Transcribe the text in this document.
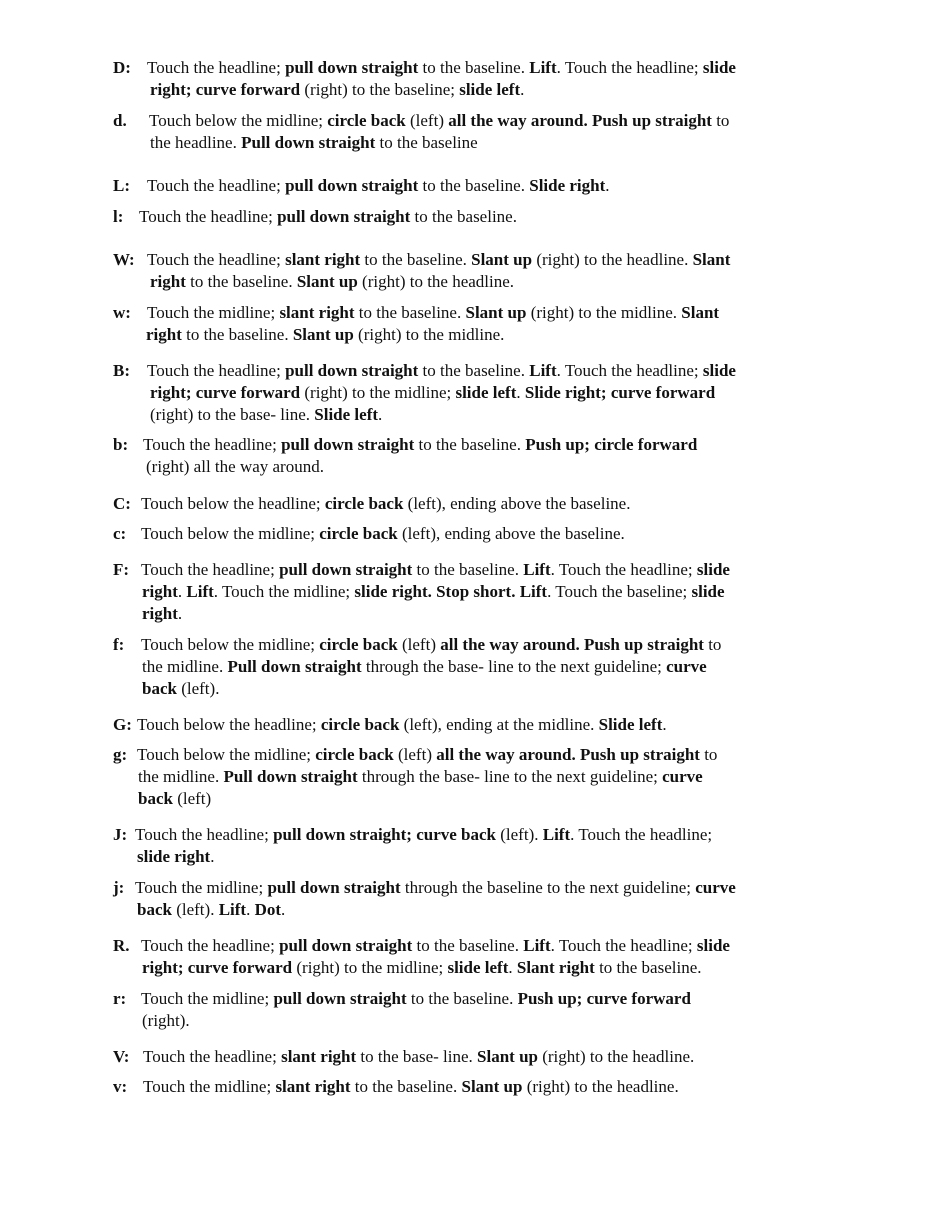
D: Touch the headline; pull down straight to the baseline. Lift. Touch the headline; slide
right; curve forward (right) to the baseline; slide left.

d. Touch below the midline; circle back (left) all the way around. Push up straight to
the headline. Pull down straight to the baseline

L: Touch the headline; pull down straight to the baseline. Slide right.

l: Touch the headline; pull down straight to the baseline.

W: Touch the headline; slant right to the baseline. Slant up (right) to the headline. Slant
right to the baseline. Slant up (right) to the headline.

w: Touch the midline; slant right to the baseline. Slant up (right) to the midline. Slant
right to the baseline. Slant up (right) to the midline.

B: Touch the headline; pull down straight to the baseline. Lift. Touch the headline; slide
right; curve forward (right) to the midline; slide left. Slide right; curve forward
(right) to the base- line. Slide left.

b: Touch the headline; pull down straight to the baseline. Push up; circle forward
(right) all the way around.

C: Touch below the headline; circle back (left), ending above the baseline.

c: Touch below the midline; circle back (left), ending above the baseline.

F: Touch the headline; pull down straight to the baseline. Lift. Touch the headline; slide
right. Lift. Touch the midline; slide right. Stop short. Lift. Touch the baseline; slide
right.

f: Touch below the midline; circle back (left) all the way around. Push up straight to
the midline. Pull down straight through the base- line to the next guideline; curve
back (left).

G: Touch below the headline; circle back (left), ending at the midline. Slide left.

g: Touch below the midline; circle back (left) all the way around. Push up straight to
the midline. Pull down straight through the base- line to the next guideline; curve
back (left)

J: Touch the headline; pull down straight; curve back (left). Lift. Touch the headline;
slide right.

j: Touch the midline; pull down straight through the baseline to the next guideline; curve
back (left). Lift. Dot.

R. Touch the headline; pull down straight to the baseline. Lift. Touch the headline; slide
right; curve forward (right) to the midline; slide left. Slant right to the baseline.

r: Touch the midline; pull down straight to the baseline. Push up; curve forward
(right).

V: Touch the headline; slant right to the base- line. Slant up (right) to the headline.

v: Touch the midline; slant right to the baseline. Slant up (right) to the headline.
